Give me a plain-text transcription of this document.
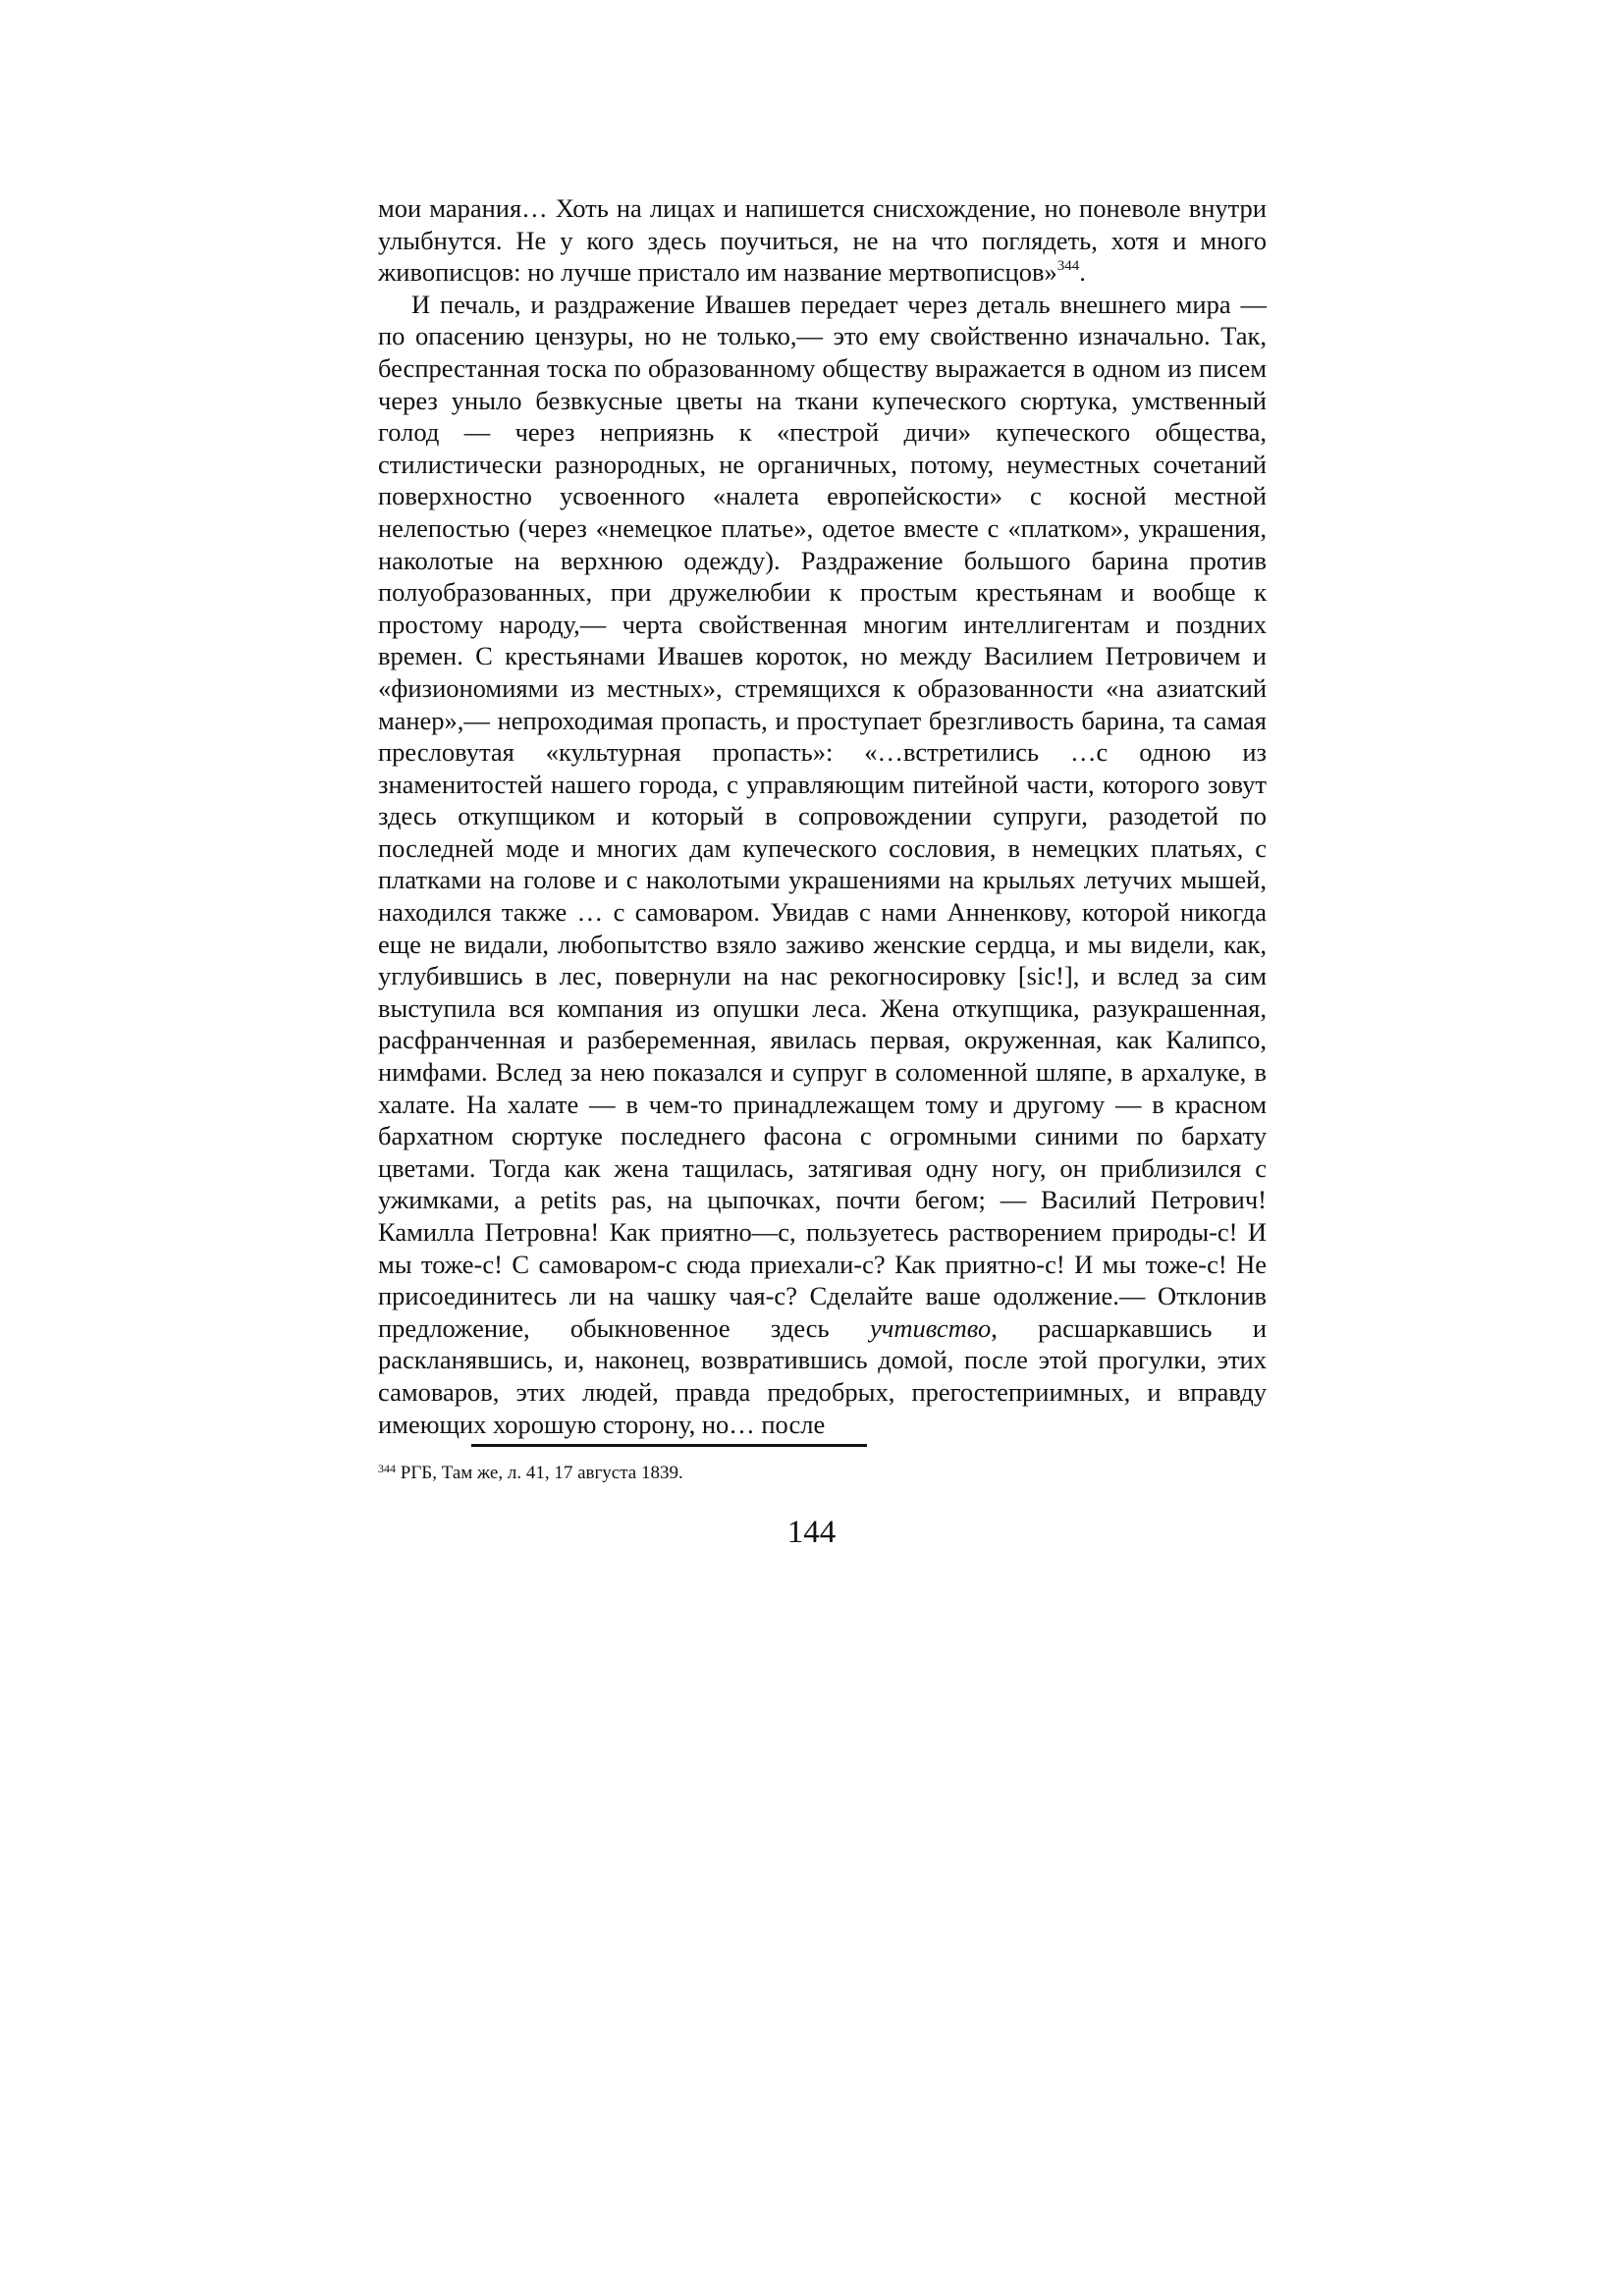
мои марания… Хоть на лицах и напишется снисхождение, но поневоле внутри улыбнутся. Не у кого здесь поучиться, не на что поглядеть, хотя и много живописцов: но лучше пристало им название мертвописцов»$^{344}$.

И печаль, и раздражение Ивашев передает через деталь внешнего мира — по опасению цензуры, но не только,— это ему свойственно изначально. Так, беспрестанная тоска по образованному обществу выражается в одном из писем через уныло безвкусные цветы на ткани купеческого сюртука, умственный голод — через неприязнь к «пестрой дичи» купеческого общества, стилистически разнородных, не органичных, потому, неуместных сочетаний поверхностно усвоенного «налета европейскости» с косной местной нелепостью (через «немецкое платье», одетое вместе с «платком», украшения, наколотые на верхнюю одежду). Раздражение большого барина против полуобразованных, при дружелюбии к простым крестьянам и вообще к простому народу,— черта свойственная многим интеллигентам и поздних времен. С крестьянами Ивашев короток, но между Василием Петровичем и «физиономиями из местных», стремящихся к образованности «на азиатский манер»,— непроходимая пропасть, и проступает брезгливость барина, та самая пресловутая «культурная пропасть»: «…встретились …с одною из знаменитостей нашего города, с управляющим питейной части, которого зовут здесь откупщиком и который в сопровождении супруги, разодетой по последней моде и многих дам купеческого сословия, в немецких платьях, с платками на голове и с наколотыми украшениями на крыльях летучих мышей, находился также … с самоваром. Увидав с нами Анненкову, которой никогда еще не видали, любопытство взяло заживо женские сердца, и мы видели, как, углубившись в лес, повернули на нас рекогносировку [sic!], и вслед за сим выступила вся компания из опушки леса. Жена откупщика, разукрашенная, расфранченная и разбеременная, явилась первая, окруженная, как Калипсо, нимфами. Вслед за нею показался и супруг в соломенной шляпе, в архалуке, в халате. На халате — в чем-то принадлежащем тому и другому — в красном бархатном сюртуке последнего фасона с огромными синими по бархату цветами. Тогда как жена тащилась, затягивая одну ногу, он приблизился с ужимками, a petits pas, на цыпочках, почти бегом; — Василий Петрович! Камилла Петровна! Как приятно—с, пользуетесь растворением природы-с! И мы тоже-с! С самоваром-с сюда приехали-с? Как приятно-с! И мы тоже-с! Не присоединитесь ли на чашку чая-с? Сделайте ваше одолжение.— Отклонив предложение, обыкновенное здесь учтивство, расшаркавшись и раскланявшись, и, наконец, возвратившись домой, после этой прогулки, этих самоваров, этих людей, правда предобрых, прегостеприимных, и вправду имеющих хорошую сторону, но… после

$^{344}$ РГБ, Там же, л. 41, 17 августа 1839.
144
